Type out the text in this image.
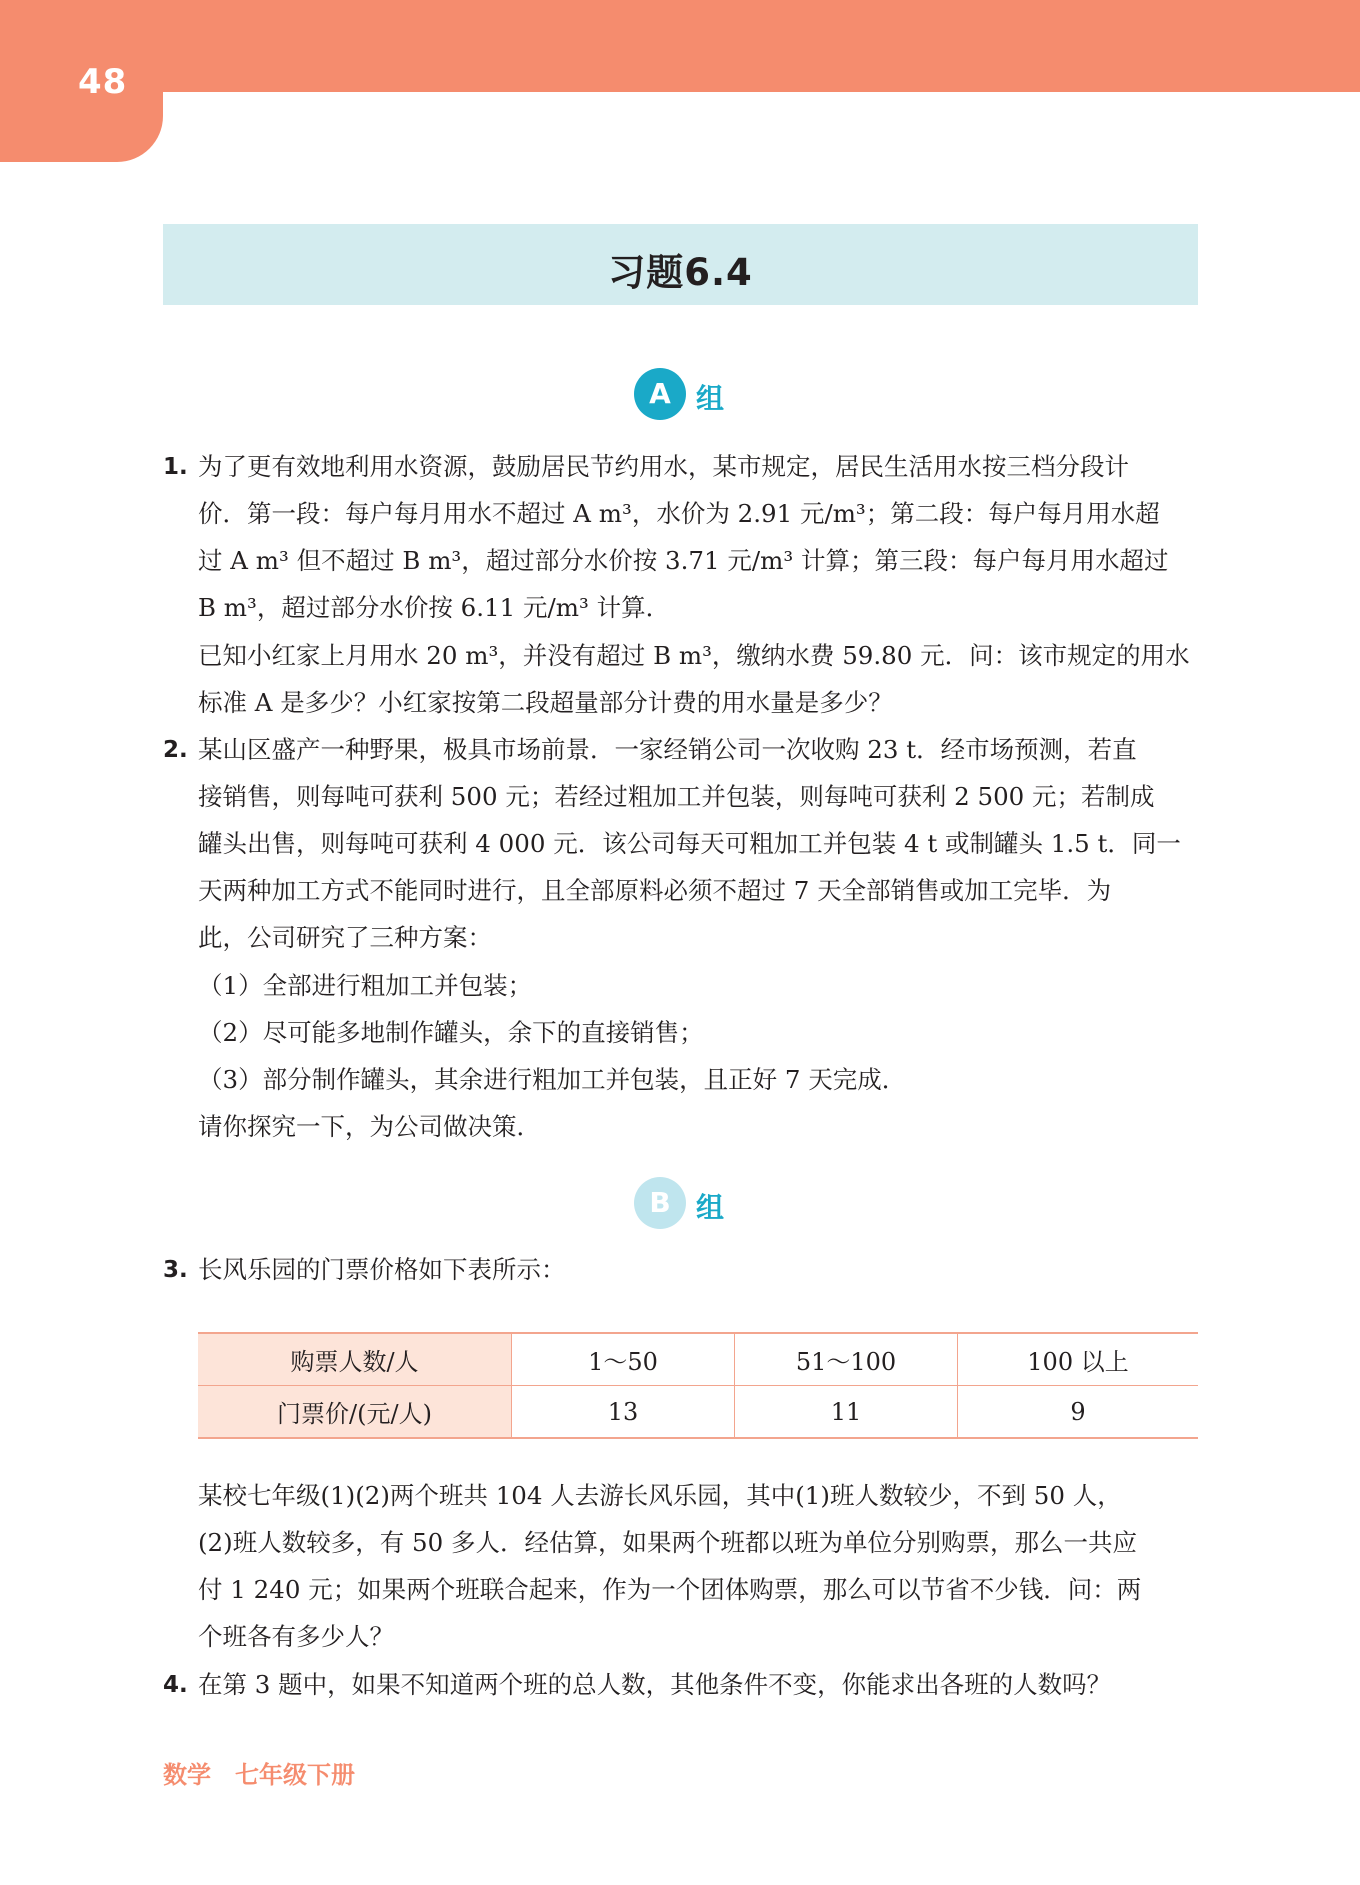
48
习题6.4
A 组
1. 为了更有效地利用水资源，鼓励居民节约用水，某市规定，居民生活用水按三档分段计
价．第一段：每户每月用水不超过 A m³，水价为 2.91 元/m³；第二段：每户每月用水超
过 A m³ 但不超过 B m³，超过部分水价按 3.71 元/m³ 计算；第三段：每户每月用水超过
B m³，超过部分水价按 6.11 元/m³ 计算．
已知小红家上月用水 20 m³，并没有超过 B m³，缴纳水费 59.80 元．问：该市规定的用水
标准 A 是多少？小红家按第二段超量部分计费的用水量是多少？
2. 某山区盛产一种野果，极具市场前景．一家经销公司一次收购 23 t．经市场预测，若直
接销售，则每吨可获利 500 元；若经过粗加工并包装，则每吨可获利 2 500 元；若制成
罐头出售，则每吨可获利 4 000 元．该公司每天可粗加工并包装 4 t 或制罐头 1.5 t．同一
天两种加工方式不能同时进行，且全部原料必须不超过 7 天全部销售或加工完毕．为
此，公司研究了三种方案：
（1）全部进行粗加工并包装；
（2）尽可能多地制作罐头，余下的直接销售；
（3）部分制作罐头，其余进行粗加工并包装，且正好 7 天完成．
请你探究一下，为公司做决策．
B 组
3. 长风乐园的门票价格如下表所示：
购票人数/人	1～50	51～100	100 以上
门票价/(元/人)	13	11	9
某校七年级(1)(2)两个班共 104 人去游长风乐园，其中(1)班人数较少，不到 50 人，
(2)班人数较多，有 50 多人．经估算，如果两个班都以班为单位分别购票，那么一共应
付 1 240 元；如果两个班联合起来，作为一个团体购票，那么可以节省不少钱．问：两
个班各有多少人？
4. 在第 3 题中，如果不知道两个班的总人数，其他条件不变，你能求出各班的人数吗？
数学　七年级下册
